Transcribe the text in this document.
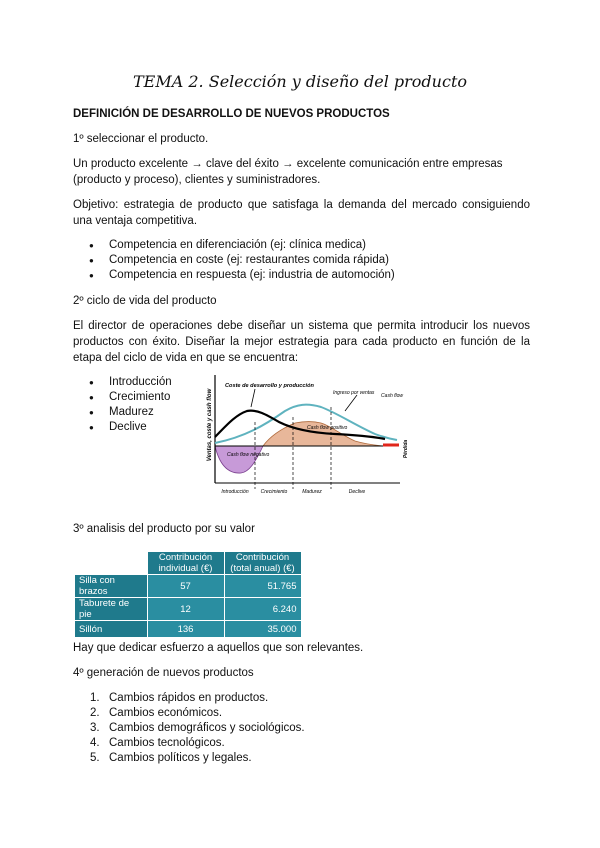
TEMA 2. Selección y diseño del producto

DEFINICIÓN DE DESARROLLO DE NUEVOS PRODUCTOS

1º seleccionar el producto.

Un producto excelente → clave del éxito → excelente comunicación entre empresas (producto y proceso), clientes y suministradores.

Objetivo: estrategia de producto que satisfaga la demanda del mercado consiguiendo una ventaja competitiva.

● Competencia en diferenciación (ej: clínica medica)
● Competencia en coste (ej: restaurantes comida rápida)
● Competencia en respuesta (ej: industria de automoción)

2º ciclo de vida del producto

El director de operaciones debe diseñar un sistema que permita introducir los nuevos productos con éxito. Diseñar la mejor estrategia para cada producto en función de la etapa del ciclo de vida en que se encuentra:

● Introducción
● Crecimiento
● Madurez
● Declive	Ventas, coste y cash flow
Coste de desarrollo y producción
Ingreso por ventas Cash flow
Cash flow positivo
Cash flow negativo	Pérdida
Introducción Crecimiento	Madurez	Declive

3º analisis del producto por su valor

	Contribución individual (€)	Contribución (total anual) (€)
Silla con brazos	57	51.765
Taburete de pie	12	6.240
Sillón	136	35.000

Hay que dedicar esfuerzo a aquellos que son relevantes.

4º generación de nuevos productos

1. Cambios rápidos en productos.
2. Cambios económicos.
3. Cambios demográficos y sociológicos.
4. Cambios tecnológicos.
5. Cambios políticos y legales.
